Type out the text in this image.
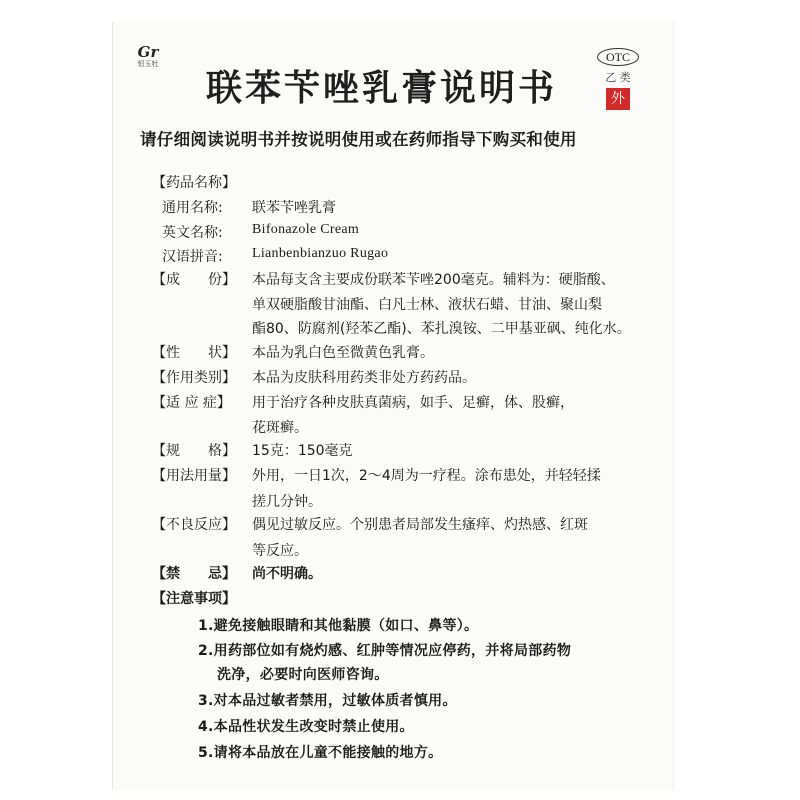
Gr
恒玉牡
联苯苄唑乳膏说明书
OTC
乙 类
外
请仔细阅读说明书并按说明使用或在药师指导下购买和使用
【药品名称】
通用名称: 联苯苄唑乳膏
英文名称: Bifonazole Cream
汉语拼音: Lianbenbianzuo Rugao
【成　　份】 本品每支含主要成份联苯苄唑200毫克。辅料为：硬脂酸、
单双硬脂酸甘油酯、白凡士林、液状石蜡、甘油、聚山梨
酯80、防腐剂(羟苯乙酯)、苯扎溴铵、二甲基亚砜、纯化水。
【性　　状】 本品为乳白色至微黄色乳膏。
【作用类别】 本品为皮肤科用药类非处方药药品。
【适 应 症】 用于治疗各种皮肤真菌病，如手、足癣，体、股癣，
花斑癣。
【规　　格】 15克：150毫克
【用法用量】 外用，一日1次，2～4周为一疗程。涂布患处，并轻轻揉
搓几分钟。
【不良反应】 偶见过敏反应。个别患者局部发生瘙痒、灼热感、红斑
等反应。
【禁　　忌】 尚不明确。
【注意事项】
1.避免接触眼睛和其他黏膜（如口、鼻等）。
2.用药部位如有烧灼感、红肿等情况应停药，并将局部药物
洗净，必要时向医师咨询。
3.对本品过敏者禁用，过敏体质者慎用。
4.本品性状发生改变时禁止使用。
5.请将本品放在儿童不能接触的地方。
